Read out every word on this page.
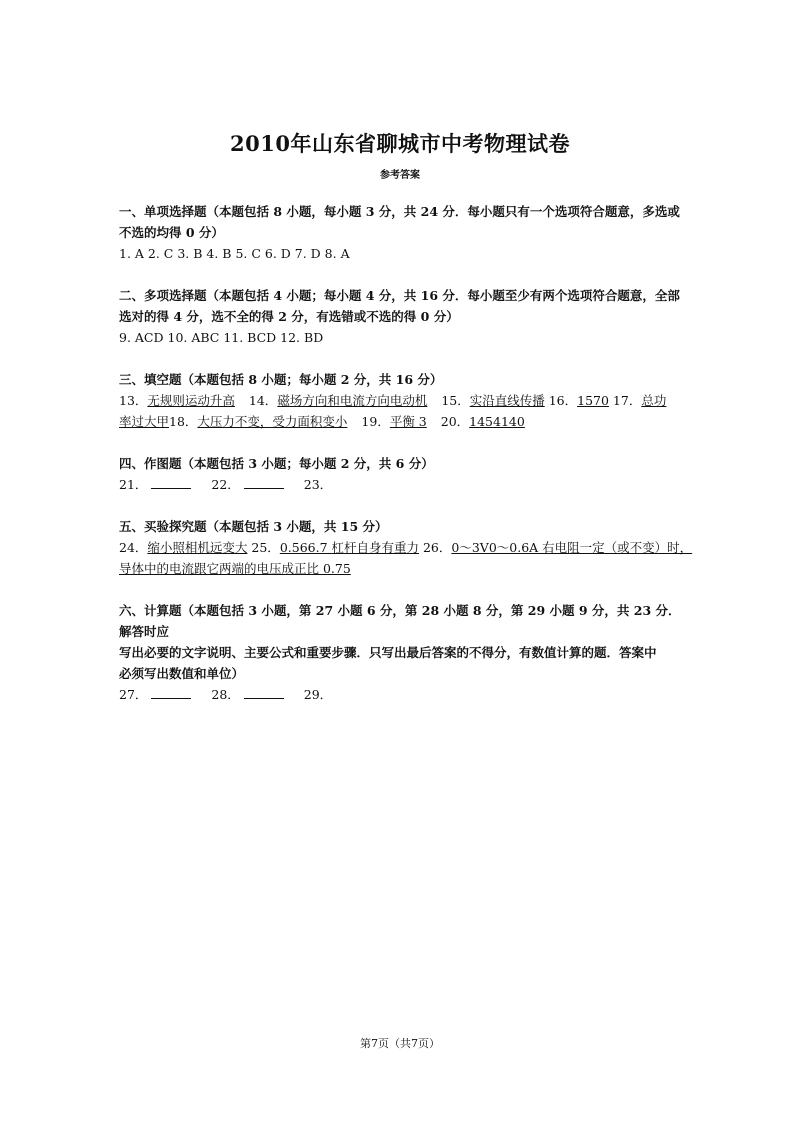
2010年山东省聊城市中考物理试卷
参考答案
一、单项选择题（本题包括 8 小题，每小题 3 分，共 24 分．每小题只有一个选项符合题意，多选或
不选的均得 0 分）
1. A 2. C 3. B 4. B 5. C 6. D 7. D 8. A
二、多项选择题（本题包括 4 小题；每小题 4 分，共 16 分．每小题至少有两个选项符合题意，全部
选对的得 4 分，选不全的得 2 分，有选错或不选的得 0 分）
9. ACD 10. ABC 11. BCD 12. BD
三、填空题（本题包括 8 小题；每小题 2 分，共 16 分）
13．无规则运动升高 14．磁场方向和电流方向电动机 15．实沿直线传播 16．1570 17．总功
率过大甲18．大压力不变，受力面积变小 19．平衡 3 20．1454140
四、作图题（本题包括 3 小题；每小题 2 分，共 6 分）
21．	22．	23．
五、买验探究题（本题包括 3 小题，共 15 分）
24．缩小照相机远变大 25．0.566.7 杠杆自身有重力 26．0～3V0～0.6A 右电阻一定（或不变）时，
导体中的电流跟它两端的电压成正比 0.75
六、计算题（本题包括 3 小题，第 27 小题 6 分，第 28 小题 8 分，第 29 小题 9 分，共 23 分．解答时应
写出必要的文字说明、主要公式和重要步骤．只写出最后答案的不得分，有数值计算的题．答案中
必须写出数值和单位）
27．	28．	29．
第7页（共7页）
